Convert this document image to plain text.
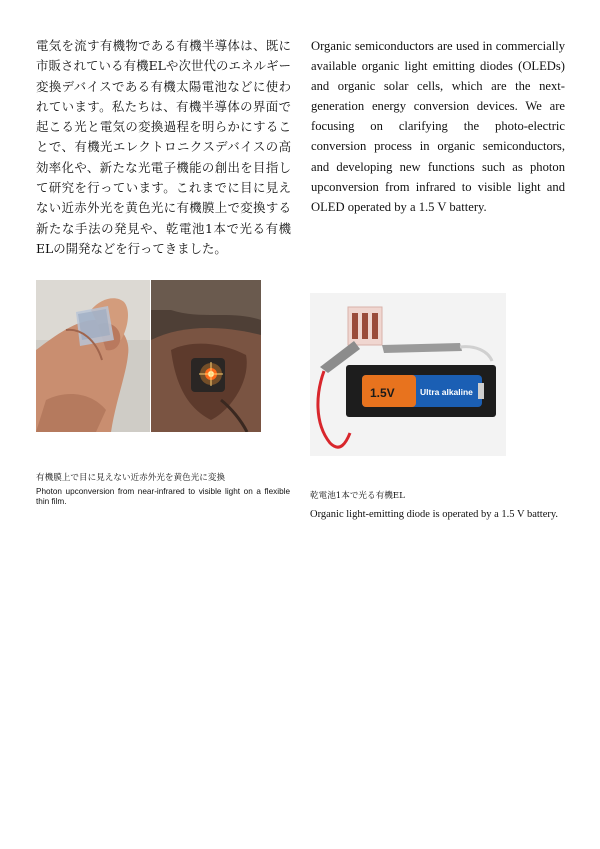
電気を流す有機物である有機半導体は、既に市販されている有機ELや次世代のエネルギー変換デバイスである有機太陽電池などに使われています。私たちは、有機半導体の界面で起こる光と電気の変換過程を明らかにすることで、有機光エレクトロニクスデバイスの高効率化や、新たな光電子機能の創出を目指して研究を行っています。これまでに目に見えない近赤外光を黄色光に有機膜上で変換する新たな手法の発見や、乾電池1本で光る有機ELの開発などを行ってきました。

Organic semiconductors are used in commercially available organic light emitting diodes (OLEDs) and organic solar cells, which are the next-generation energy conversion devices. We are focusing on clarifying the photo-electric conversion process in organic semiconductors, and developing new functions such as photon upconversion from infrared to visible light and OLED operated by a 1.5 V battery.

有機膜上で目に見えない近赤外光を黄色光に変換

Photon upconversion from near-infrared to visible light on a flexible thin film.

1.5V	Ultra alkaline

乾電池1本で光る有機EL

Organic light-emitting diode is operated by a 1.5 V battery.
